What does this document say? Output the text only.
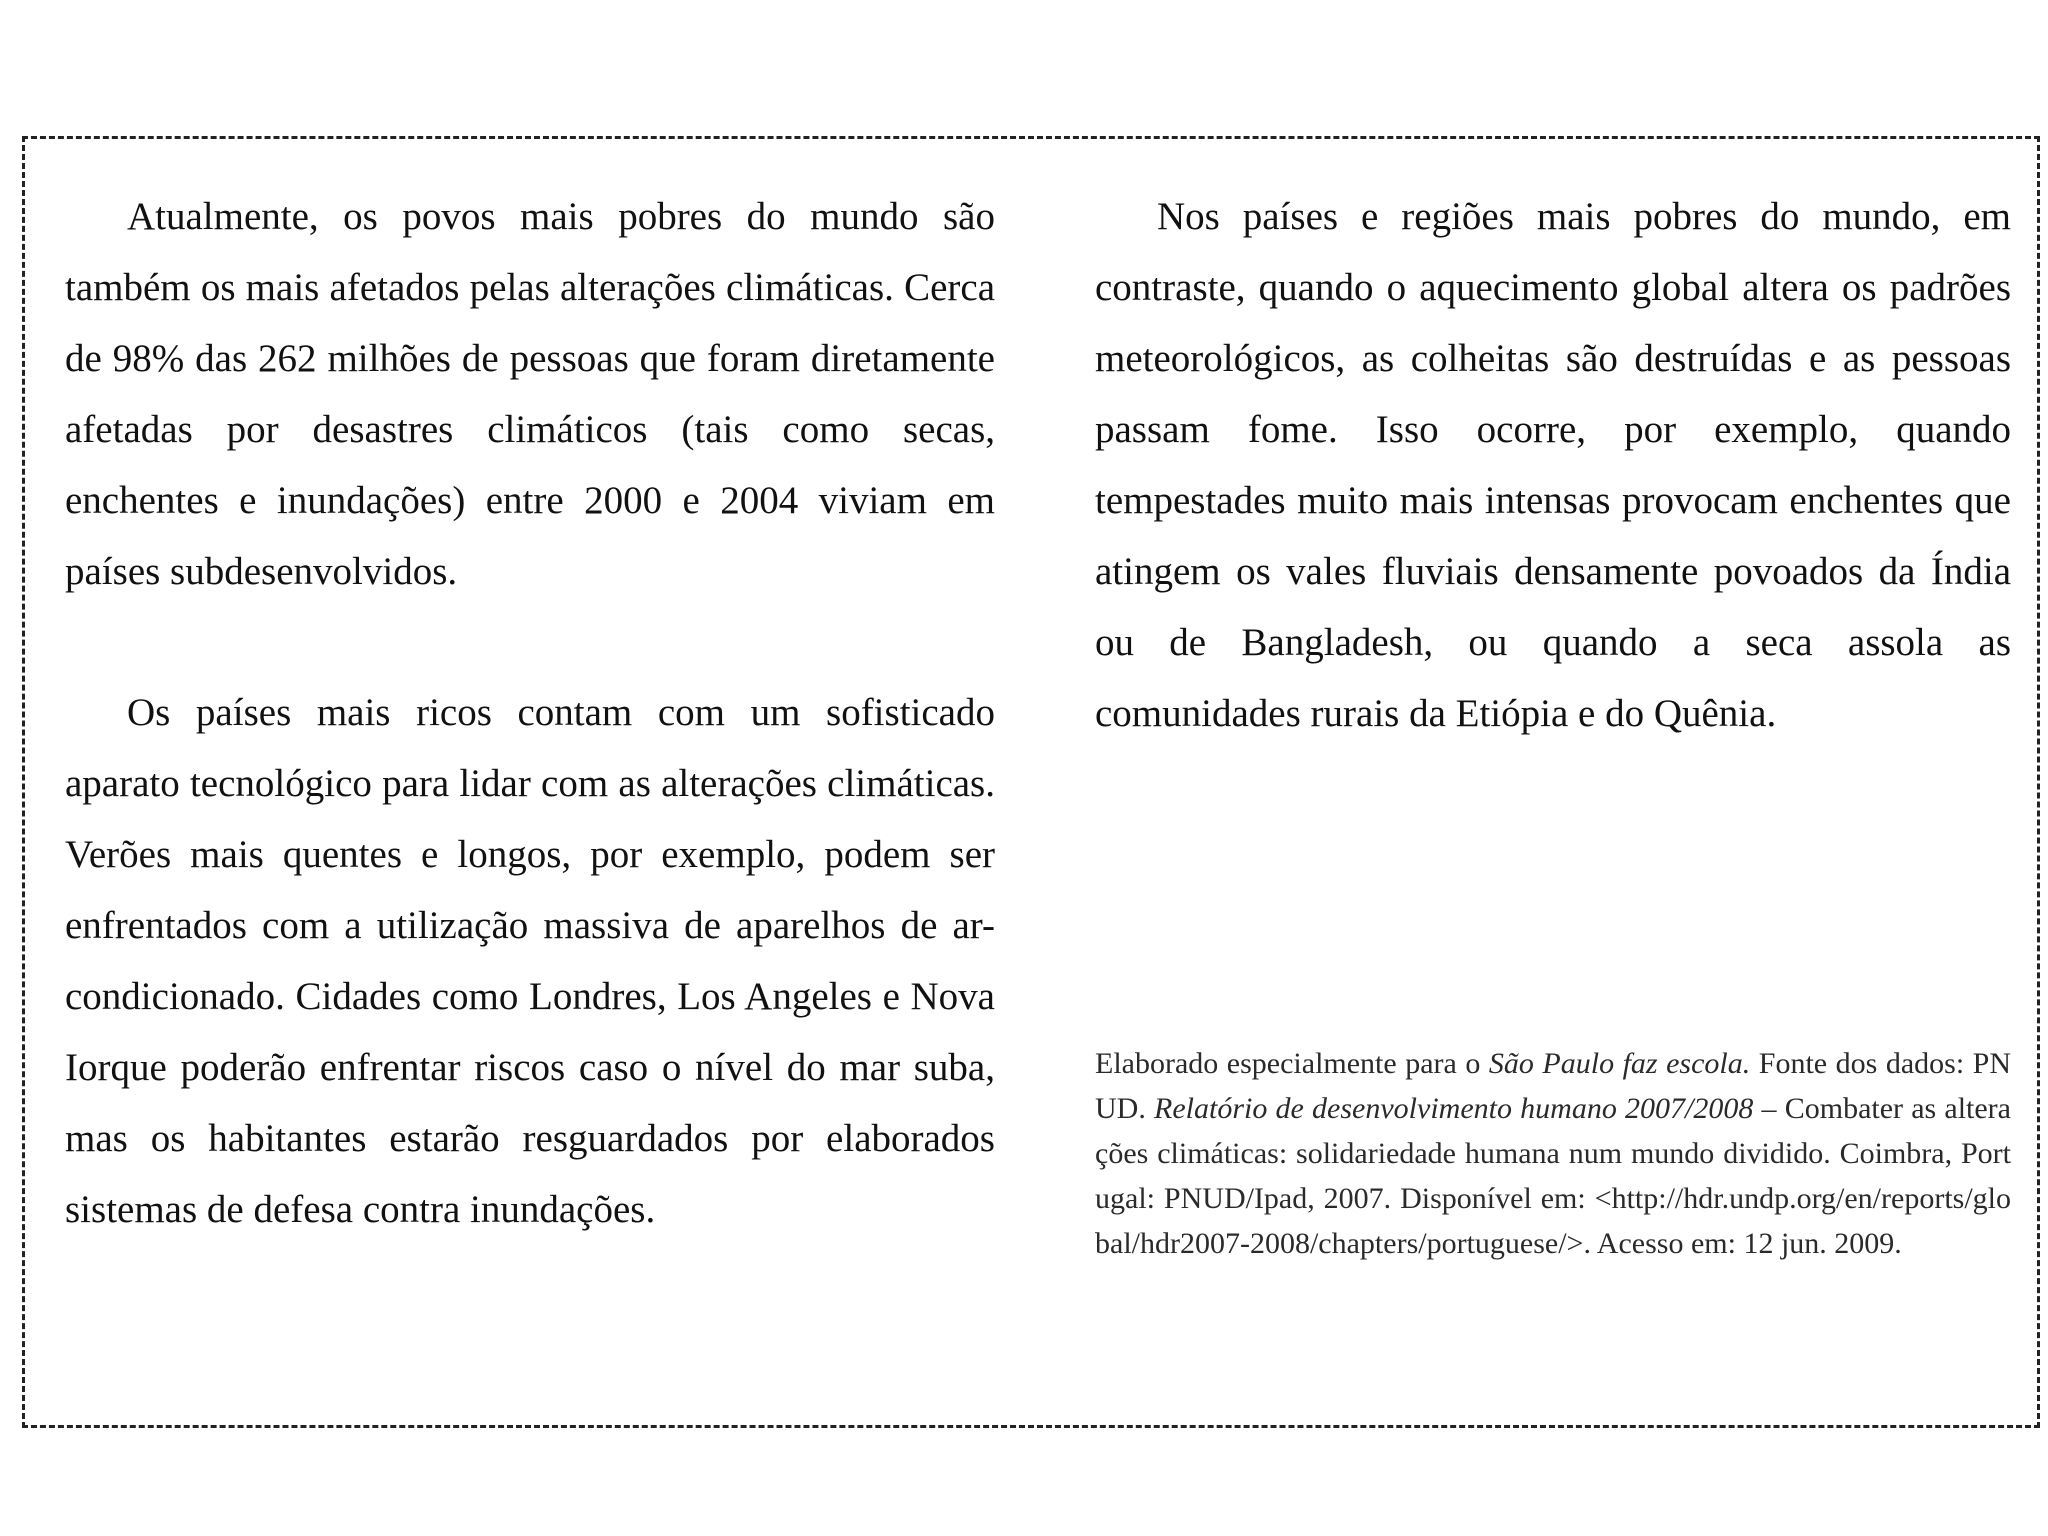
Atualmente, os povos mais pobres do mundo são também os mais afetados pelas alterações climáticas. Cerca de 98% das 262 milhões de pessoas que foram diretamente afetadas por desastres climáticos (tais como secas, enchentes e inundações) entre 2000 e 2004 viviam em países subdesenvolvidos.

Os países mais ricos contam com um sofisticado aparato tecnológico para lidar com as alterações climáticas. Verões mais quentes e longos, por exemplo, podem ser enfrentados com a utilização massiva de aparelhos de ar-condicionado. Cidades como Londres, Los Angeles e Nova Iorque poderão enfrentar riscos caso o nível do mar suba, mas os habitantes estarão resguardados por elaborados sistemas de defesa contra inundações.

Nos países e regiões mais pobres do mundo, em contraste, quando o aquecimento global altera os padrões meteorológicos, as colheitas são destruídas e as pessoas passam fome. Isso ocorre, por exemplo, quando tempestades muito mais intensas provocam enchentes que atingem os vales fluviais densamente povoados da Índia ou de Bangladesh, ou quando a seca assola as comunidades rurais da Etiópia e do Quênia.

Elaborado especialmente para o São Paulo faz escola. Fonte dos dados: PNUD. Relatório de desenvolvimento humano 2007/2008 – Combater as alterações climáticas: solidariedade humana num mundo dividido. Coimbra, Portugal: PNUD/Ipad, 2007. Disponível em: <http://hdr.undp.org/en/reports/global/hdr2007-2008/chapters/portuguese/>. Acesso em: 12 jun. 2009.
